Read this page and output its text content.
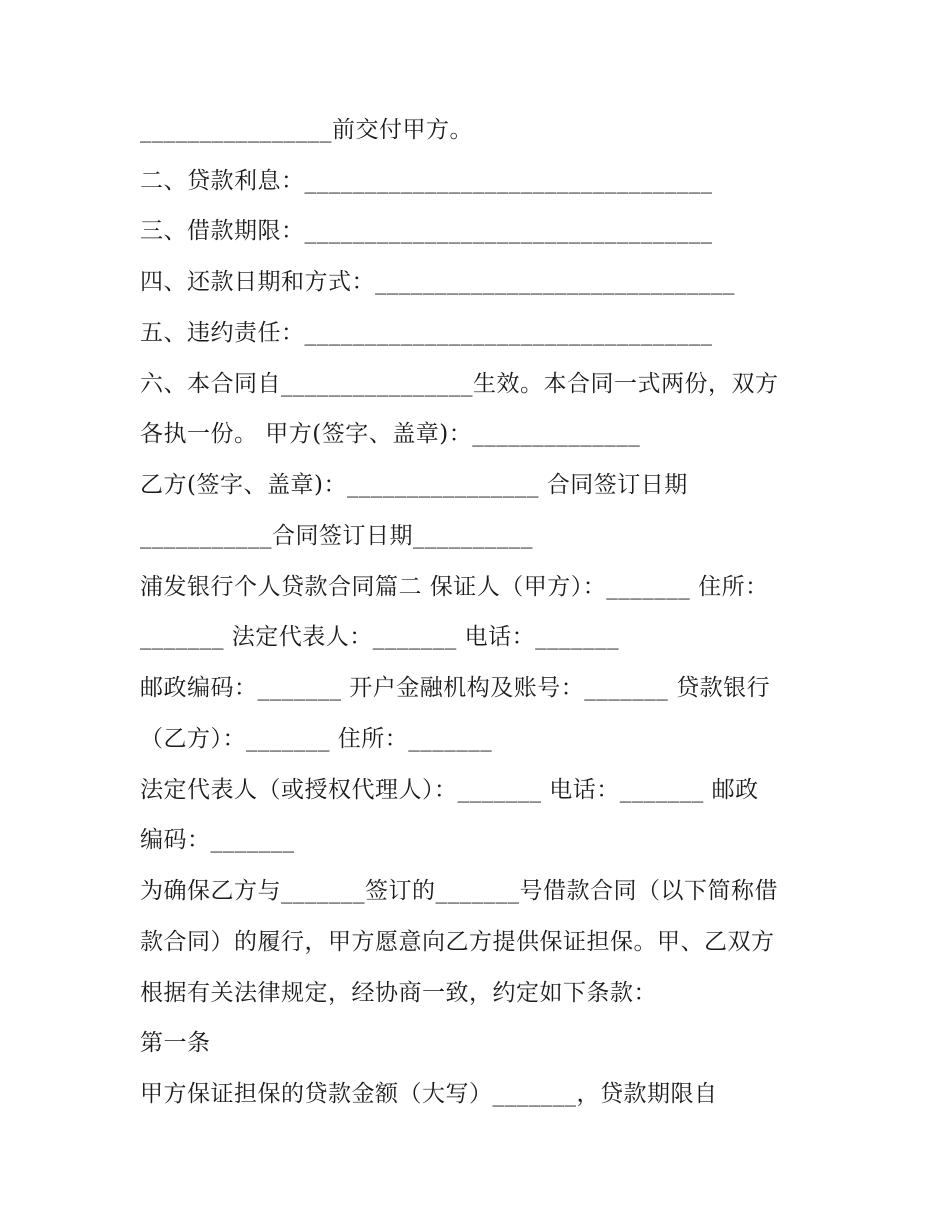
________________前交付甲方。
二、贷款利息：__________________________________
三、借款期限：__________________________________
四、还款日期和方式：______________________________
五、违约责任：__________________________________
六、本合同自________________生效。本合同一式两份，双方
各执一份。 甲方(签字、盖章)：______________
乙方(签字、盖章)：________________ 合同签订日期
___________合同签订日期__________
浦发银行个人贷款合同篇二 保证人（甲方）：_______ 住所：
_______ 法定代表人：_______ 电话：_______
邮政编码：_______ 开户金融机构及账号：_______ 贷款银行
（乙方）：_______ 住所：_______
法定代表人（或授权代理人）：_______ 电话：_______ 邮政
编码：_______
为确保乙方与_______签订的_______号借款合同（以下简称借
款合同）的履行，甲方愿意向乙方提供保证担保。甲、乙双方
根据有关法律规定，经协商一致，约定如下条款：
第一条
甲方保证担保的贷款金额（大写）_______，贷款期限自
